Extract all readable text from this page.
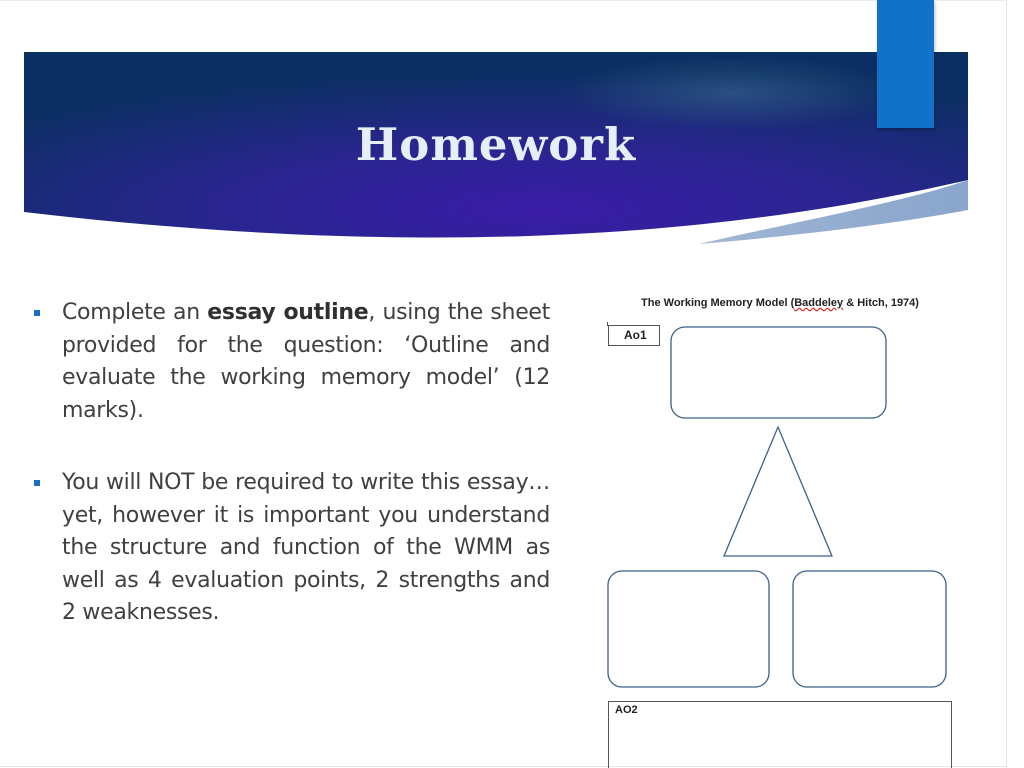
Homework
Complete an essay outline, using the sheet provided for the question: ‘Outline and evaluate the working memory model’ (12 marks).
You will NOT be required to write this essay… yet, however it is important you understand the structure and function of the WMM as well as 4 evaluation points, 2 strengths and 2 weaknesses.
The Working Memory Model (Baddeley & Hitch, 1974)
Ao1
AO2
